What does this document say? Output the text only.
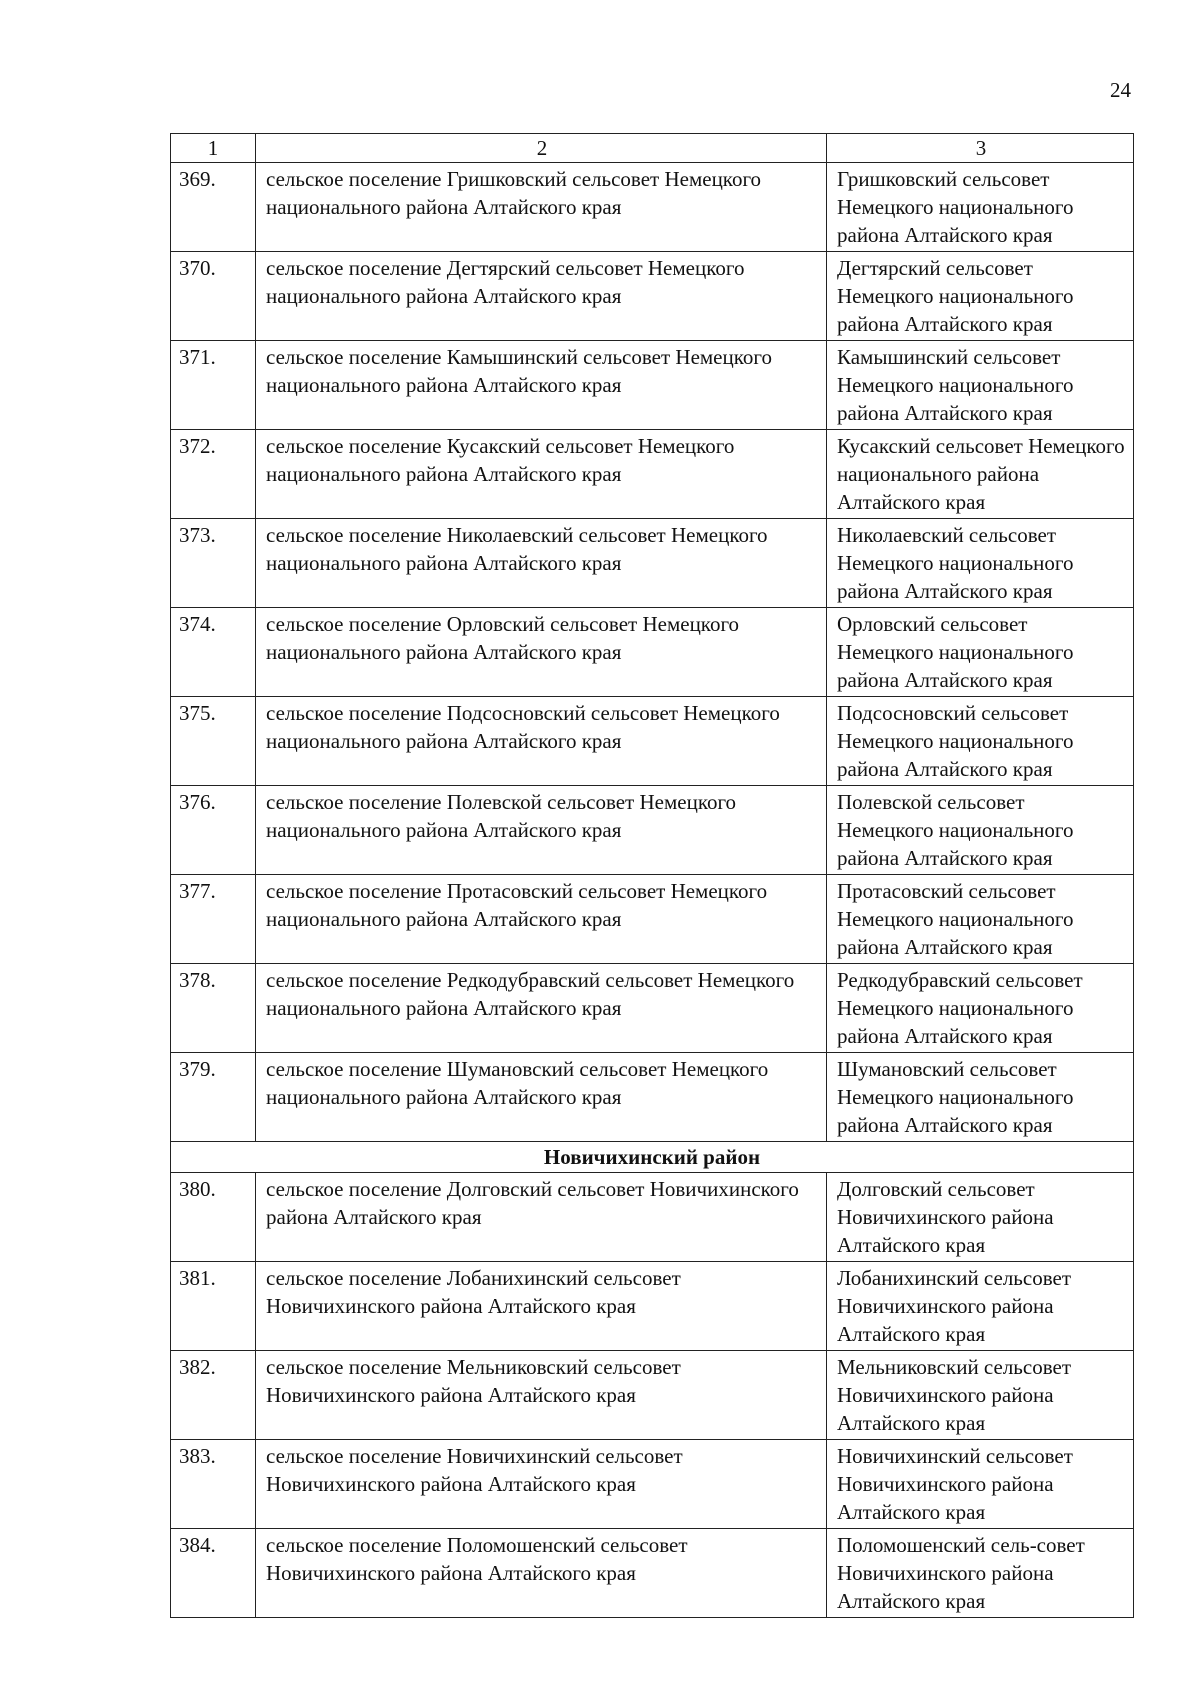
24
1	2	3
369.	сельское поселение Гришковский сельсовет Немецкого национального района Алтайского края	Гришковский сельсовет Немецкого национального района Алтайского края
370.	сельское поселение Дегтярский сельсовет Немецкого национального района Алтайского края	Дегтярский сельсовет Немецкого национального района Алтайского края
371.	сельское поселение Камышинский сельсовет Немецкого национального района Алтайского края	Камышинский сельсовет Немецкого национального района Алтайского края
372.	сельское поселение Кусакский сельсовет Немецкого национального района Алтайского края	Кусакский сельсовет Немецкого национального района Алтайского края
373.	сельское поселение Николаевский сельсовет Немецкого национального района Алтайского края	Николаевский сельсовет Немецкого национального района Алтайского края
374.	сельское поселение Орловский сельсовет Немецкого национального района Алтайского края	Орловский сельсовет Немецкого национального района Алтайского края
375.	сельское поселение Подсосновский сельсовет Немецкого национального района Алтайского края	Подсосновский сельсовет Немецкого национального района Алтайского края
376.	сельское поселение Полевской сельсовет Немецкого национального района Алтайского края	Полевской сельсовет Немецкого национального района Алтайского края
377.	сельское поселение Протасовский сельсовет Немецкого национального района Алтайского края	Протасовский сельсовет Немецкого национального района Алтайского края
378.	сельское поселение Редкодубравский сельсовет Немецкого национального района Алтайского края	Редкодубравский сельсовет Немецкого национального района Алтайского края
379.	сельское поселение Шумановский сельсовет Немецкого национального района Алтайского края	Шумановский сельсовет Немецкого национального района Алтайского края
Новичихинский район		
380.	сельское поселение Долговский сельсовет Новичихинского района Алтайского края	Долговский сельсовет Новичихинского района Алтайского края
381.	сельское поселение Лобанихинский сельсовет Новичихинского района Алтайского края	Лобанихинский сельсовет Новичихинского района Алтайского края
382.	сельское поселение Мельниковский сельсовет Новичихинского района Алтайского края	Мельниковский сельсовет Новичихинского района Алтайского края
383.	сельское поселение Новичихинский сельсовет Новичихинского района Алтайского края	Новичихинский сельсовет Новичихинского района Алтайского края
384.	сельское поселение Поломошенский сельсовет Новичихинского района Алтайского края	Поломошенский сель-совет Новичихинского района Алтайского края
